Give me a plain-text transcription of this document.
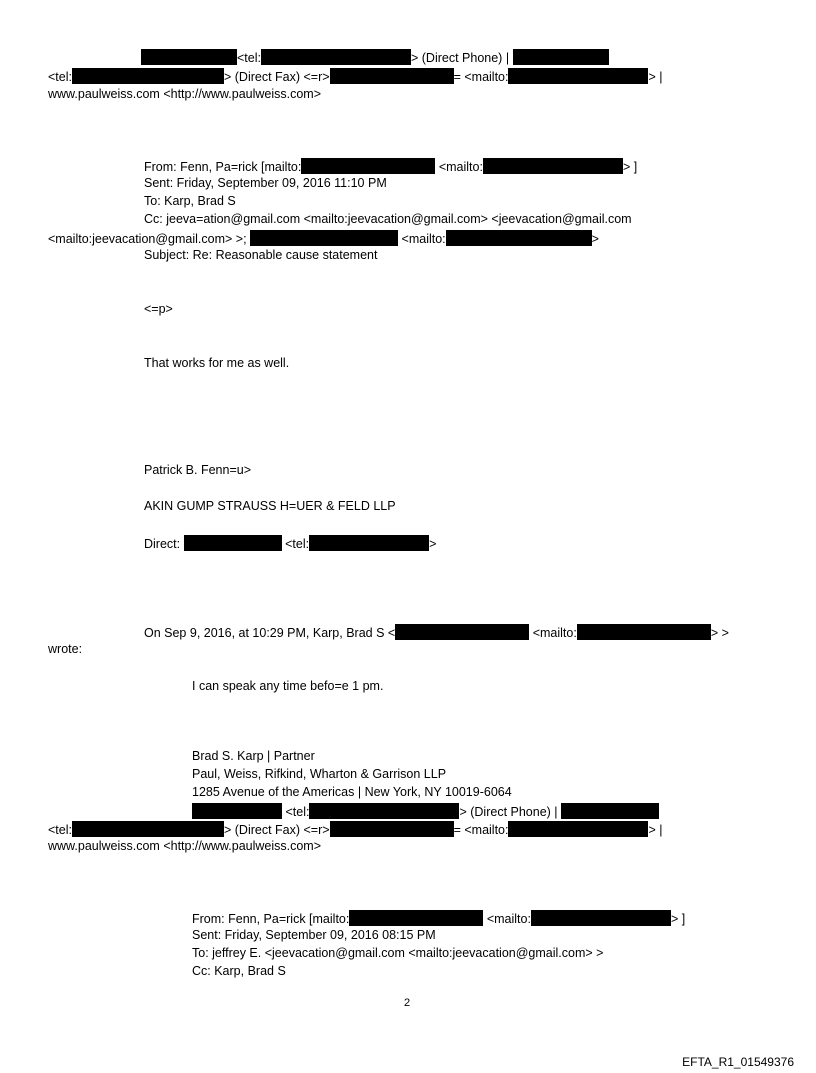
<tel:	> (Direct Phone) |
<tel:	> (Direct Fax) <=r>	= <mailto:	> |
www.paulweiss.com <http://www.paulweiss.com>
From: Fenn, Pa=rick [mailto:	<mailto:	> ]
Sent: Friday, September 09, 2016 11:10 PM
To: Karp, Brad S
Cc: jeeva=ation@gmail.com <mailto:jeevacation@gmail.com> <jeevacation@gmail.com
<mailto:jeevacation@gmail.com> >;	<mailto:	>
Subject: Re: Reasonable cause statement
<=p>
That works for me as well.
Patrick B. Fenn=u>
AKIN GUMP STRAUSS H=UER & FELD LLP
Direct:	<tel:	>
On Sep 9, 2016, at 10:29 PM, Karp, Brad S <	<mailto:	> >
wrote:
I can speak any time befo=e 1 pm.
Brad S. Karp | Partner
Paul, Weiss, Rifkind, Wharton & Garrison LLP
1285 Avenue of the Americas | New York, NY 10019-6064
<tel:	> (Direct Phone) |
<tel:	> (Direct Fax) <=r>	= <mailto:	> |
www.paulweiss.com <http://www.paulweiss.com>
From: Fenn, Pa=rick [mailto:	<mailto:	> ]
Sent: Friday, September 09, 2016 08:15 PM
To: jeffrey E. <jeevacation@gmail.com <mailto:jeevacation@gmail.com> >
Cc: Karp, Brad S
2
EFTA_R1_01549376
